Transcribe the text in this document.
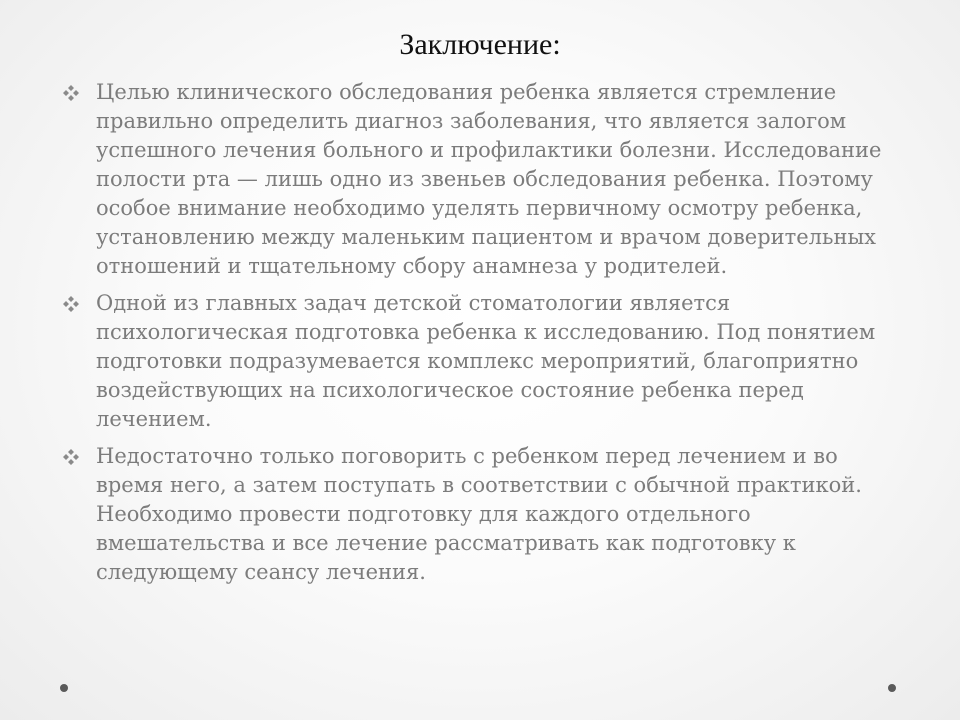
Заключение:
Целью клинического обследования ребенка является стремление правильно определить диагноз заболевания, что является залогом успешного лечения больного и профилактики болезни. Исследование полости рта — лишь одно из звеньев обследования ребенка. Поэтому особое внимание необходимо уделять первичному осмотру ребенка, установлению между маленьким пациентом и врачом доверительных отношений и тщательному сбору анамнеза у родителей.
Одной из главных задач детской стоматологии является психологическая подготовка ребенка к исследованию. Под понятием подготовки подразумевается комплекс мероприятий, благоприятно воздействующих на психологическое состояние ребенка перед лечением.
Недостаточно только поговорить с ребенком перед лечением и во время него, а затем поступать в соответствии с обычной практикой. Необходимо провести подготовку для каждого отдельного вмешательства и все лечение рассматривать как подготовку к следующему сеансу лечения.
